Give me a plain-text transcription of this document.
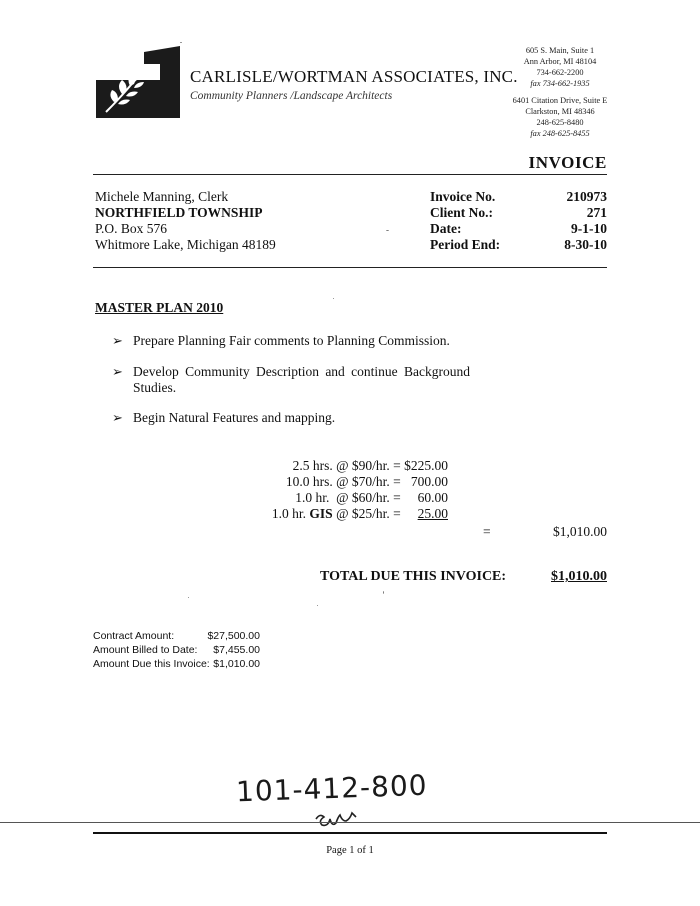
CARLISLE/WORTMAN ASSOCIATES, INC.
Community Planners /Landscape Architects
605 S. Main, Suite 1
Ann Arbor, MI 48104
734-662-2200
fax 734-662-1935
6401 Citation Drive, Suite E
Clarkston, MI 48346
248-625-8480
fax 248-625-8455
INVOICE
Michele Manning, Clerk
NORTHFIELD TOWNSHIP
P.O. Box 576
Whitmore Lake, Michigan 48189
Invoice No.	210973
Client No.:	271
Date:	9-1-10
Period End:	8-30-10
MASTER PLAN 2010
➢ Prepare Planning Fair comments to Planning Commission.
➢ Develop Community Description and continue Background Studies.
➢ Begin Natural Features and mapping.
2.5 hrs. @ $90/hr. = $225.00
10.0 hrs. @ $70/hr. = 700.00
1.0 hr.  @ $60/hr. = 60.00
1.0 hr. GIS @ $25/hr. = 25.00
=	$1,010.00
TOTAL DUE THIS INVOICE:	$1,010.00
Contract Amount:	$27,500.00
Amount Billed to Date: $7,455.00
Amount Due this Invoice: $1,010.00
101-412-800
Page 1 of 1
